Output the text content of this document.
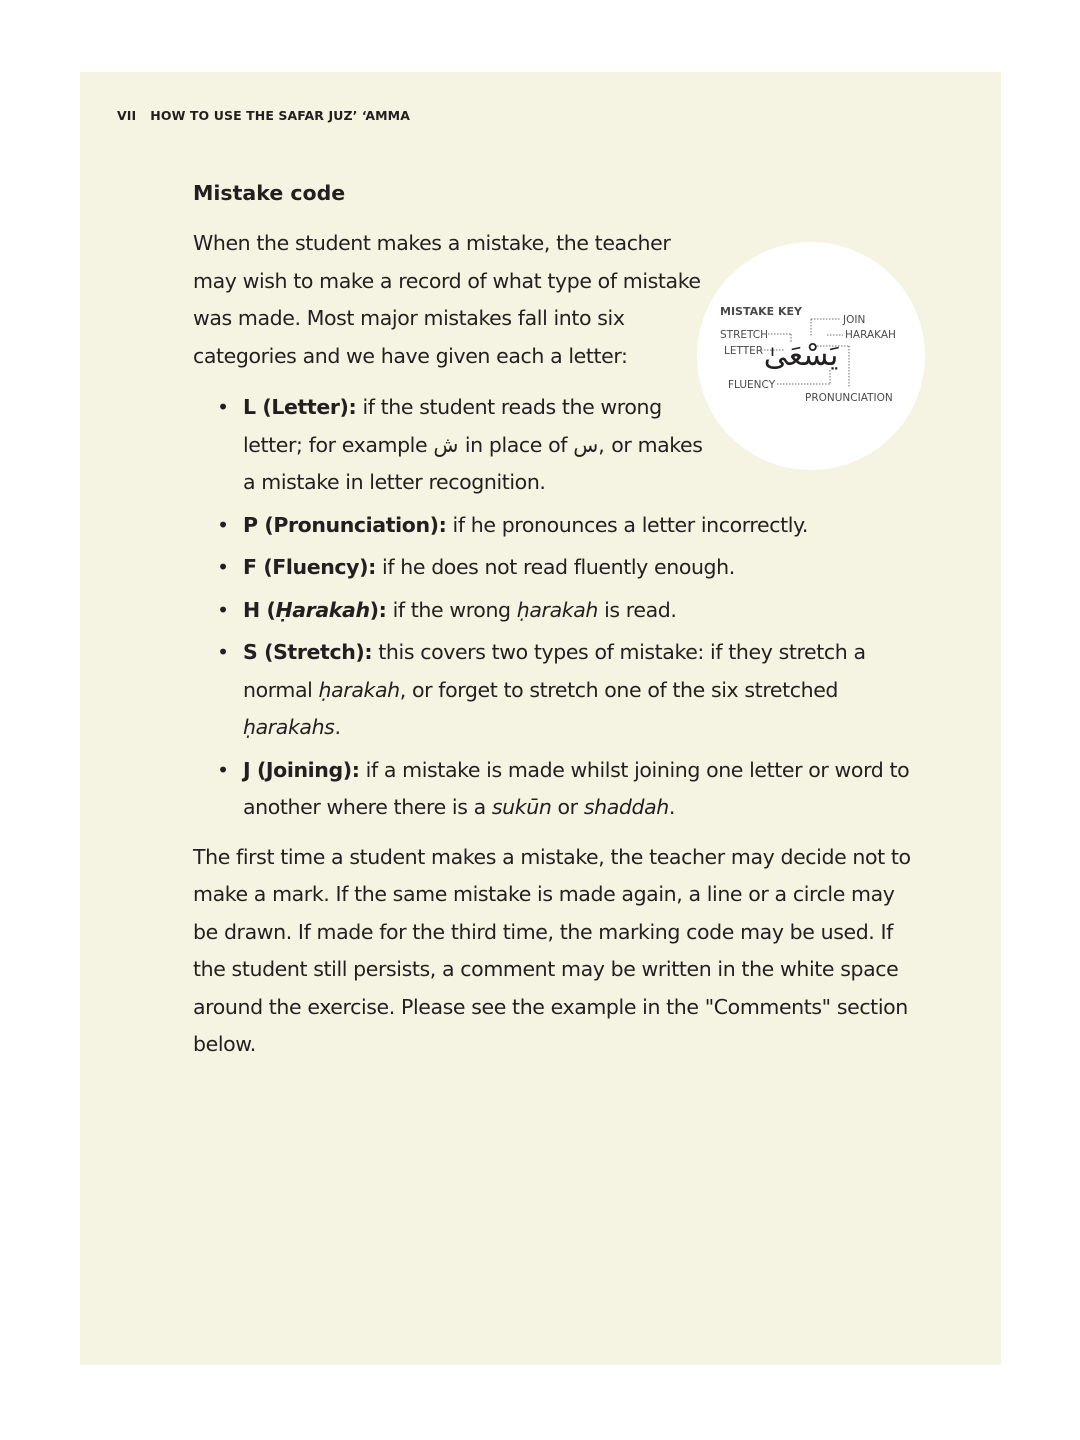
VII HOW TO USE THE SAFAR JUZ’ ‘AMMA
MISTAKE KEY
JOIN
STRETCH	HARAKAH
LETTER
FLUENCY
PRONUNCIATION
يَسْعَىٰ
Mistake code

When the student makes a mistake, the teacher may wish to make a record of what type of mistake was made. Most major mistakes fall into six categories and we have given each a letter:

• L (Letter): if the student reads the wrong letter; for example ش in place of س, or makes a mistake in letter recognition.
• P (Pronunciation): if he pronounces a letter incorrectly.
• F (Fluency): if he does not read fluently enough.
• H (Ḥarakah): if the wrong ḥarakah is read.
• S (Stretch): this covers two types of mistake: if they stretch a normal ḥarakah, or forget to stretch one of the six stretched ḥarakahs.
• J (Joining): if a mistake is made whilst joining one letter or word to another where there is a sukūn or shaddah.

The first time a student makes a mistake, the teacher may decide not to make a mark. If the same mistake is made again, a line or a circle may be drawn. If made for the third time, the marking code may be used. If the student still persists, a comment may be written in the white space around the exercise. Please see the example in the "Comments" section below.
